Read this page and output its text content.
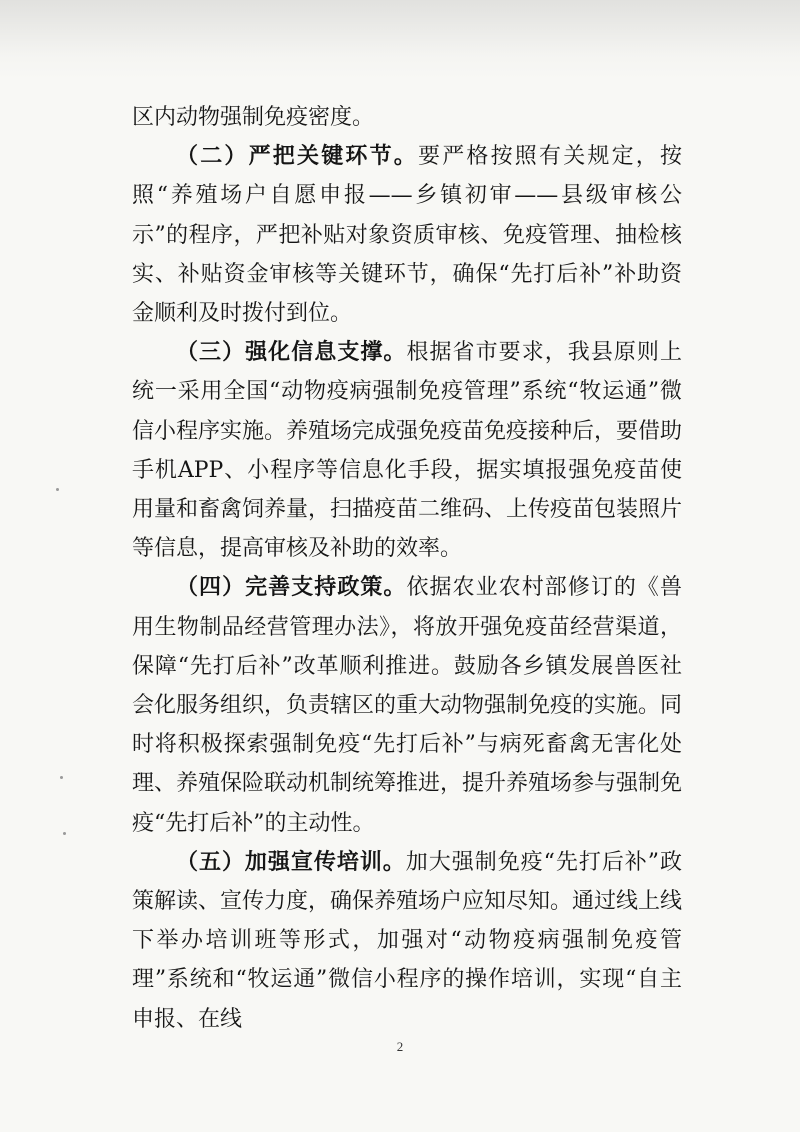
区内动物强制免疫密度。

（二）严把关键环节。要严格按照有关规定，按照“养殖场户自愿申报——乡镇初审——县级审核公示”的程序，严把补贴对象资质审核、免疫管理、抽检核实、补贴资金审核等关键环节，确保“先打后补”补助资金顺利及时拨付到位。

（三）强化信息支撑。根据省市要求，我县原则上统一采用全国“动物疫病强制免疫管理”系统“牧运通”微信小程序实施。养殖场完成强免疫苗免疫接种后，要借助手机APP、小程序等信息化手段，据实填报强免疫苗使用量和畜禽饲养量，扫描疫苗二维码、上传疫苗包装照片等信息，提高审核及补助的效率。

（四）完善支持政策。依据农业农村部修订的《兽用生物制品经营管理办法》，将放开强免疫苗经营渠道，保障“先打后补”改革顺利推进。鼓励各乡镇发展兽医社会化服务组织，负责辖区的重大动物强制免疫的实施。同时将积极探索强制免疫“先打后补”与病死畜禽无害化处理、养殖保险联动机制统筹推进，提升养殖场参与强制免疫“先打后补”的主动性。

（五）加强宣传培训。加大强制免疫“先打后补”政策解读、宣传力度，确保养殖场户应知尽知。通过线上线下举办培训班等形式，加强对“动物疫病强制免疫管理”系统和“牧运通”微信小程序的操作培训，实现“自主申报、在线

2
